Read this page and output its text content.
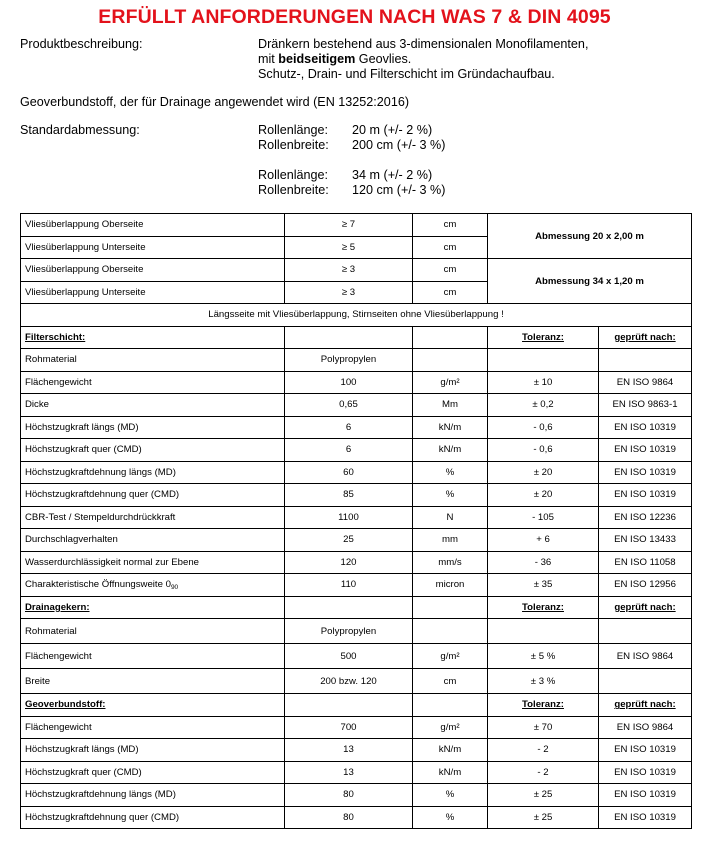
ERFÜLLT ANFORDERUNGEN NACH WAS 7 & DIN 4095
Produktbeschreibung:	Dränkern bestehend aus 3-dimensionalen Monofilamenten,
mit beidseitigem Geovlies.
Schutz-, Drain- und Filterschicht im Gründachaufbau.
Geoverbundstoff, der für Drainage angewendet wird (EN 13252:2016)
Standardabmessung:	Rollenlänge: 20 m (+/- 2 %)
Rollenbreite: 200 cm (+/- 3 %)
Rollenlänge: 34 m (+/- 2 %)
Rollenbreite: 120 cm (+/- 3 %)
Vliesüberlappung Oberseite	≥ 7	cm	Abmessung 20 x 2,00 m	
Vliesüberlappung Unterseite	≥ 5	cm		
Vliesüberlappung Oberseite	≥ 3	cm	Abmessung 34 x 1,20 m	
Vliesüberlappung Unterseite	≥ 3	cm		
Längsseite mit Vliesüberlappung, Stirnseiten ohne Vliesüberlappung !				
Filterschicht:			Toleranz:	geprüft nach:
Rohmaterial	Polypropylen			
Flächengewicht	100	g/m²	± 10	EN ISO 9864
Dicke	0,65	Mm	± 0,2	EN ISO 9863-1
Höchstzugkraft längs (MD)	6	kN/m	- 0,6	EN ISO 10319
Höchstzugkraft quer (CMD)	6	kN/m	- 0,6	EN ISO 10319
Höchstzugkraftdehnung längs (MD)	60	%	± 20	EN ISO 10319
Höchstzugkraftdehnung quer (CMD)	85	%	± 20	EN ISO 10319
CBR-Test / Stempeldurchdrückkraft	1100	N	- 105	EN ISO 12236
Durchschlagverhalten	25	mm	+ 6	EN ISO 13433
Wasserdurchlässigkeit normal zur Ebene	120	mm/s	- 36	EN ISO 11058
Charakteristische Öffnungsweite $0_{90}$	110	micron	± 35	EN ISO 12956
Drainagekern:			Toleranz:	geprüft nach:
Rohmaterial	Polypropylen			
Flächengewicht	500	g/m²	± 5 %	EN ISO 9864
Breite	200 bzw. 120	cm	± 3 %	
Geoverbundstoff:			Toleranz:	geprüft nach:
Flächengewicht	700	g/m²	± 70	EN ISO 9864
Höchstzugkraft längs (MD)	13	kN/m	- 2	EN ISO 10319
Höchstzugkraft quer (CMD)	13	kN/m	- 2	EN ISO 10319
Höchstzugkraftdehnung längs (MD)	80	%	± 25	EN ISO 10319
Höchstzugkraftdehnung quer (CMD)	80	%	± 25	EN ISO 10319
